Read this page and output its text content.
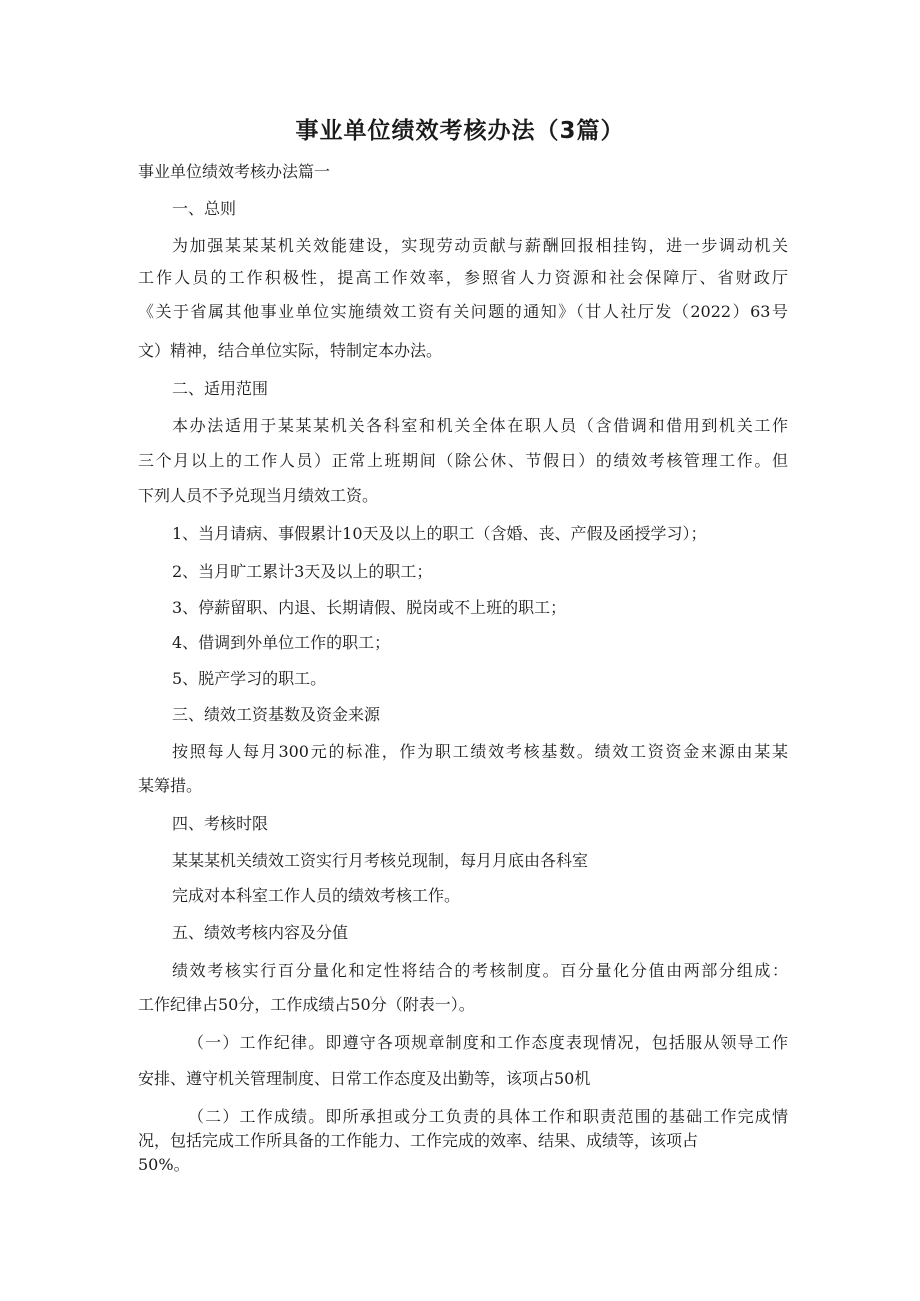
事业单位绩效考核办法（3篇）
事业单位绩效考核办法篇一
一、总则
为加强某某某机关效能建设，实现劳动贡献与薪酬回报相挂钩，进一步调动机关
工作人员的工作积极性，提高工作效率，参照省人力资源和社会保障厅、省财政厅
《关于省属其他事业单位实施绩效工资有关问题的通知》（甘人社厅发（2022）63号
文）精神，结合单位实际，特制定本办法。
二、适用范围
本办法适用于某某某机关各科室和机关全体在职人员（含借调和借用到机关工作
三个月以上的工作人员）正常上班期间（除公休、节假日）的绩效考核管理工作。但
下列人员不予兑现当月绩效工资。
1、当月请病、事假累计10天及以上的职工（含婚、丧、产假及函授学习）；
2、当月旷工累计3天及以上的职工；
3、停薪留职、内退、长期请假、脱岗或不上班的职工；
4、借调到外单位工作的职工；
5、脱产学习的职工。
三、绩效工资基数及资金来源
按照每人每月300元的标准，作为职工绩效考核基数。绩效工资资金来源由某某
某筹措。
四、考核时限
某某某机关绩效工资实行月考核兑现制，每月月底由各科室
完成对本科室工作人员的绩效考核工作。
五、绩效考核内容及分值
绩效考核实行百分量化和定性将结合的考核制度。百分量化分值由两部分组成：
工作纪律占50分，工作成绩占50分（附表一）。
（一）工作纪律。即遵守各项规章制度和工作态度表现情况，包括服从领导工作
安排、遵守机关管理制度、日常工作态度及出勤等，该项占50机
（二）工作成绩。即所承担或分工负责的具体工作和职责范围的基础工作完成情
况，包括完成工作所具备的工作能力、工作完成的效率、结果、成绩等，该项占
50%。
